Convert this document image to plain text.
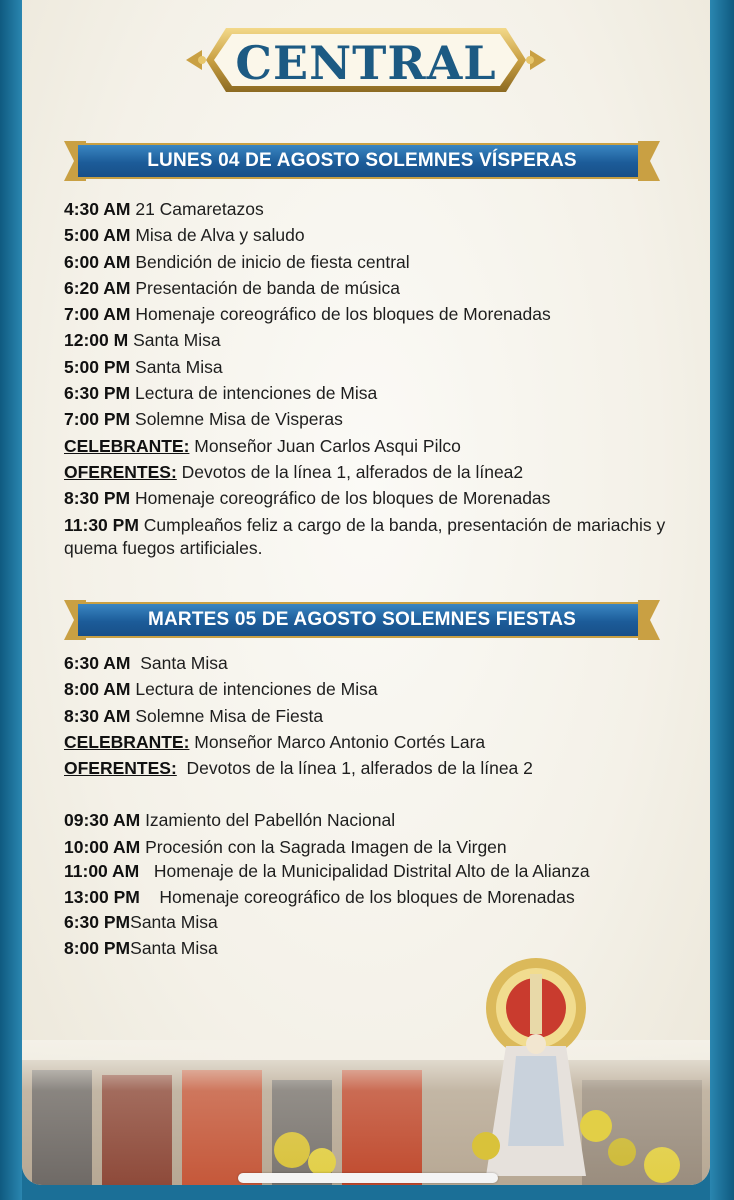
CENTRAL
LUNES 04 DE AGOSTO SOLEMNES VÍSPERAS
4:30 AM 21 Camaretazos
5:00 AM Misa de Alva y saludo
6:00 AM Bendición de inicio de fiesta central
6:20 AM Presentación de banda de música
7:00 AM Homenaje coreográfico de los bloques de Morenadas
12:00 M Santa Misa
5:00 PM Santa Misa
6:30 PM Lectura de intenciones de Misa
7:00 PM Solemne Misa de Visperas
CELEBRANTE: Monseñor Juan Carlos Asqui Pilco
OFERENTES: Devotos de la línea 1, alferados de la línea2
8:30 PM Homenaje coreográfico de los bloques de Morenadas
11:30 PM Cumpleaños feliz a cargo de la banda, presentación de mariachis y quema fuegos artificiales.
MARTES 05 DE AGOSTO SOLEMNES FIESTAS
6:30 AM Santa Misa
8:00 AM Lectura de intenciones de Misa
8:30 AM Solemne Misa de Fiesta
CELEBRANTE: Monseñor Marco Antonio Cortés Lara
OFERENTES: Devotos de la línea 1, alferados de la línea 2
09:30 AM Izamiento del Pabellón Nacional
10:00 AM Procesión con la Sagrada Imagen de la Virgen
11:00 AM Homenaje de la Municipalidad Distrital Alto de la Alianza
13:00 PM Homenaje coreográfico de los bloques de Morenadas
6:30 PMSanta Misa
8:00 PMSanta Misa
